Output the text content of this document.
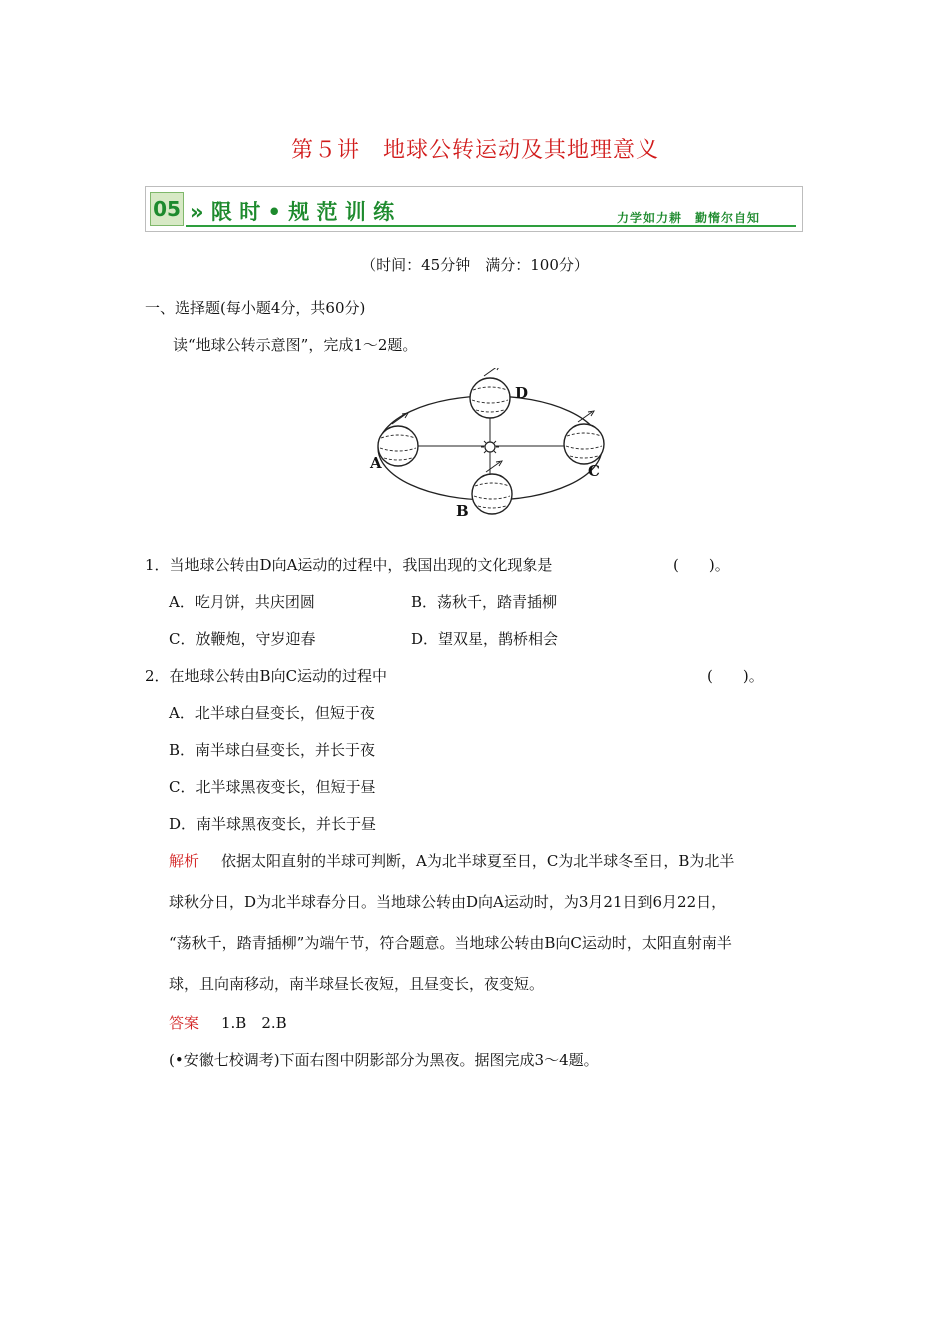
第５讲　地球公转运动及其地理意义
05 » 限 时 • 规 范 训 练	力学如力耕　勤惰尔自知
（时间：45分钟　满分：100分）
一、选择题(每小题4分，共60分)
读“地球公转示意图”，完成1～2题。
D
A	C
B
1．当地球公转由D向A运动的过程中，我国出现的文化现象是	(　　)。
A．吃月饼，共庆团圆	B．荡秋千，踏青插柳
C．放鞭炮，守岁迎春	D．望双星，鹊桥相会
2．在地球公转由B向C运动的过程中	(　　)。
A．北半球白昼变长，但短于夜
B．南半球白昼变长，并长于夜
C．北半球黑夜变长，但短于昼
D．南半球黑夜变长，并长于昼
解析 依据太阳直射的半球可判断，A为北半球夏至日，C为北半球冬至日，B为北半
球秋分日，D为北半球春分日。当地球公转由D向A运动时，为3月21日到6月22日，
“荡秋千，踏青插柳”为端午节，符合题意。当地球公转由B向C运动时，太阳直射南半
球，且向南移动，南半球昼长夜短，且昼变长，夜变短。
答案 1.B　2.B
(•安徽七校调考)下面右图中阴影部分为黑夜。据图完成3～4题。
